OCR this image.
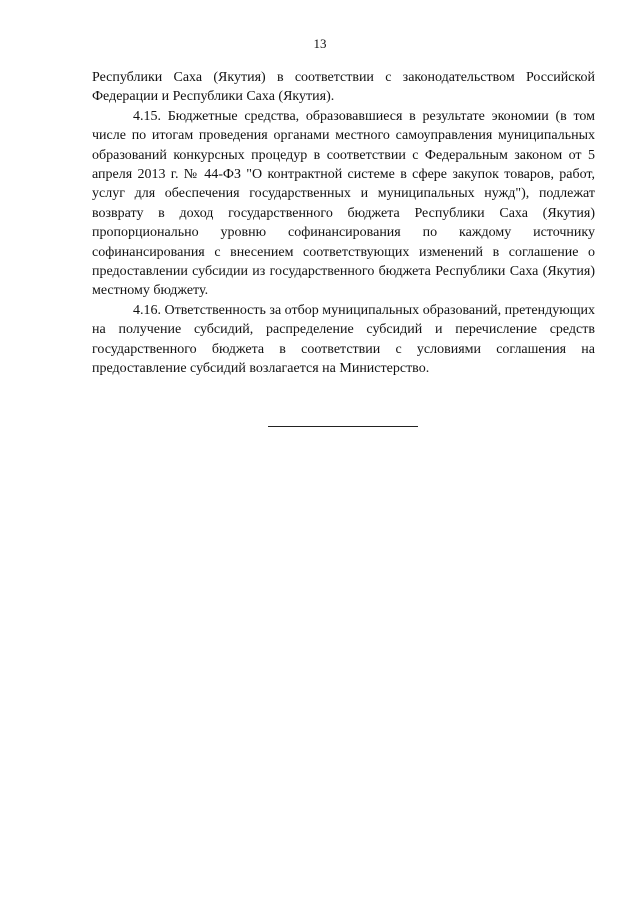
13

Республики Саха (Якутия) в соответствии с законодательством Российской Федерации и Республики Саха (Якутия).

4.15. Бюджетные средства, образовавшиеся в результате экономии (в том числе по итогам проведения органами местного самоуправления муниципальных образований конкурсных процедур в соответствии с Федеральным законом от 5 апреля 2013 г. № 44-ФЗ "О контрактной системе в сфере закупок товаров, работ, услуг для обеспечения государственных и муниципальных нужд"), подлежат возврату в доход государственного бюджета Республики Саха (Якутия) пропорционально уровню софинансирования по каждому источнику софинансирования с внесением соответствующих изменений в соглашение о предоставлении субсидии из государственного бюджета Республики Саха (Якутия) местному бюджету.

4.16. Ответственность за отбор муниципальных образований, претендующих на получение субсидий, распределение субсидий и перечисление средств государственного бюджета в соответствии с условиями соглашения на предоставление субсидий возлагается на Министерство.
